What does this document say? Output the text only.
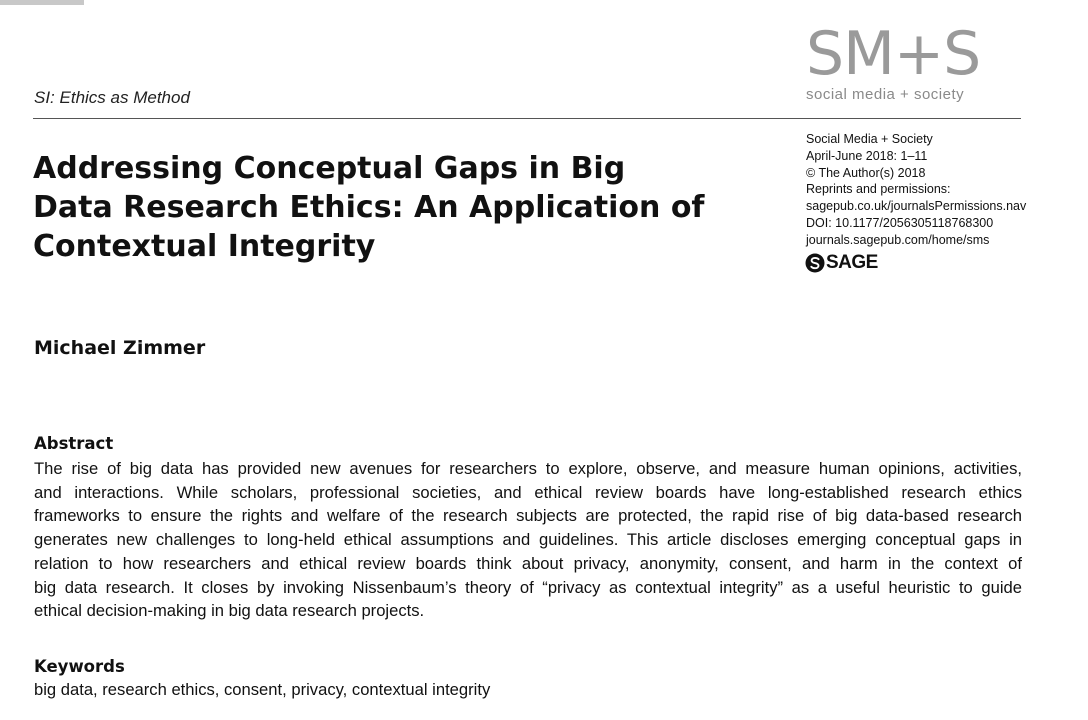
SI: Ethics as Method
SM+S
social media + society
Social Media + Society
April-June 2018: 1–11
© The Author(s) 2018
Reprints and permissions:
sagepub.co.uk/journalsPermissions.nav
DOI: 10.1177/2056305118768300
journals.sagepub.com/home/sms
SAGE
Addressing Conceptual Gaps in Big
Data Research Ethics: An Application of
Contextual Integrity
Michael Zimmer
Abstract
The rise of big data has provided new avenues for researchers to explore, observe, and measure human opinions, activities,
and interactions. While scholars, professional societies, and ethical review boards have long-established research ethics
frameworks to ensure the rights and welfare of the research subjects are protected, the rapid rise of big data-based research
generates new challenges to long-held ethical assumptions and guidelines. This article discloses emerging conceptual gaps in
relation to how researchers and ethical review boards think about privacy, anonymity, consent, and harm in the context of
big data research. It closes by invoking Nissenbaum’s theory of “privacy as contextual integrity” as a useful heuristic to guide
ethical decision-making in big data research projects.
Keywords
big data, research ethics, consent, privacy, contextual integrity
